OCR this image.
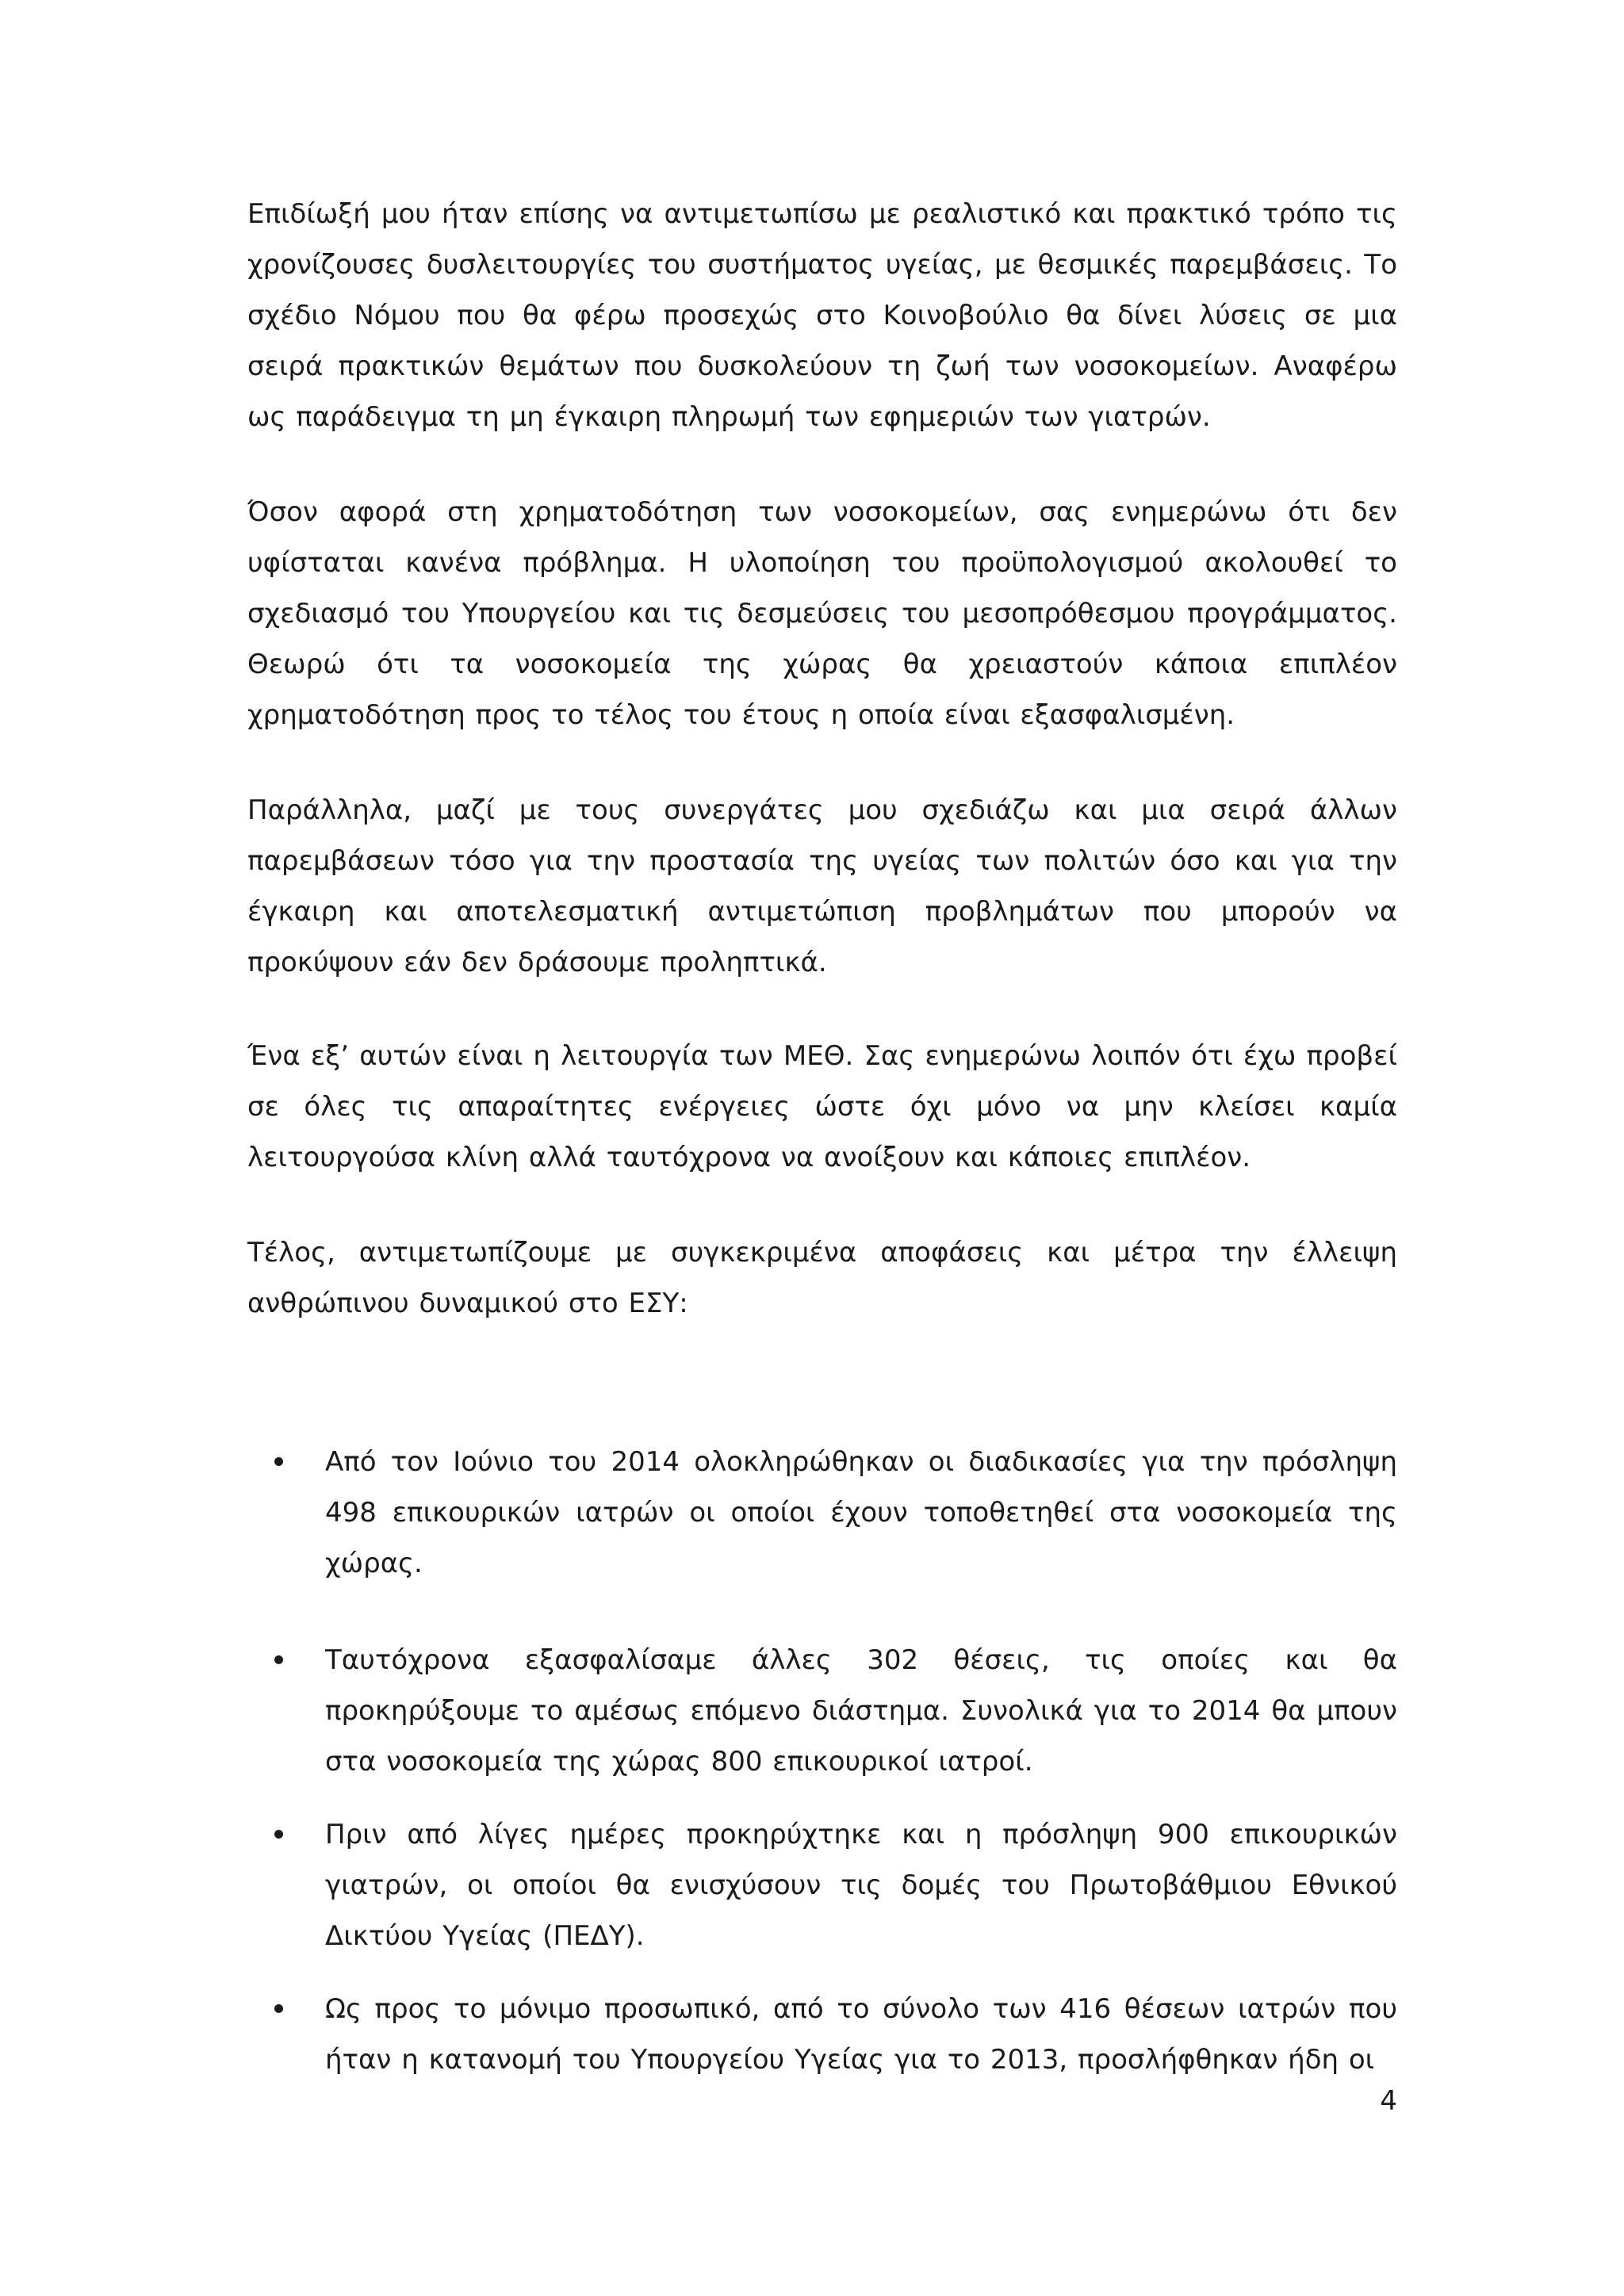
Επιδίωξή μου ήταν επίσης να αντιμετωπίσω με ρεαλιστικό και πρακτικό τρόπο τις χρονίζουσες δυσλειτουργίες του συστήματος υγείας, με θεσμικές παρεμβάσεις. Το σχέδιο Νόμου που θα φέρω προσεχώς στο Κοινοβούλιο θα δίνει λύσεις σε μια σειρά πρακτικών θεμάτων που δυσκολεύουν τη ζωή των νοσοκομείων. Αναφέρω ως παράδειγμα τη μη έγκαιρη πληρωμή των εφημεριών των γιατρών.

Όσον αφορά στη χρηματοδότηση των νοσοκομείων, σας ενημερώνω ότι δεν υφίσταται κανένα πρόβλημα. Η υλοποίηση του προϋπολογισμού ακολουθεί το σχεδιασμό του Υπουργείου και τις δεσμεύσεις του μεσοπρόθεσμου προγράμματος. Θεωρώ ότι τα νοσοκομεία της χώρας θα χρειαστούν κάποια επιπλέον χρηματοδότηση προς το τέλος του έτους η οποία είναι εξασφαλισμένη.

Παράλληλα, μαζί με τους συνεργάτες μου σχεδιάζω και μια σειρά άλλων παρεμβάσεων τόσο για την προστασία της υγείας των πολιτών όσο και για την έγκαιρη και αποτελεσματική αντιμετώπιση προβλημάτων που μπορούν να προκύψουν εάν δεν δράσουμε προληπτικά.

Ένα εξ’ αυτών είναι η λειτουργία των ΜΕΘ. Σας ενημερώνω λοιπόν ότι έχω προβεί σε όλες τις απαραίτητες ενέργειες ώστε όχι μόνο να μην κλείσει καμία λειτουργούσα κλίνη αλλά ταυτόχρονα να ανοίξουν και κάποιες επιπλέον.

Τέλος, αντιμετωπίζουμε με συγκεκριμένα αποφάσεις και μέτρα την έλλειψη ανθρώπινου δυναμικού στο ΕΣΥ:

Από τον Ιούνιο του 2014 ολοκληρώθηκαν οι διαδικασίες για την πρόσληψη 498 επικουρικών ιατρών οι οποίοι έχουν τοποθετηθεί στα νοσοκομεία της χώρας.
Ταυτόχρονα εξασφαλίσαμε άλλες 302 θέσεις, τις οποίες και θα προκηρύξουμε το αμέσως επόμενο διάστημα. Συνολικά για το 2014 θα μπουν στα νοσοκομεία της χώρας 800 επικουρικοί ιατροί.
Πριν από λίγες ημέρες προκηρύχτηκε και η πρόσληψη 900 επικουρικών γιατρών, οι οποίοι θα ενισχύσουν τις δομές του Πρωτοβάθμιου Εθνικού Δικτύου Υγείας (ΠΕΔΥ).
Ως προς το μόνιμο προσωπικό, από το σύνολο των 416 θέσεων ιατρών που ήταν η κατανομή του Υπουργείου Υγείας για το 2013, προσλήφθηκαν ήδη οι
4
